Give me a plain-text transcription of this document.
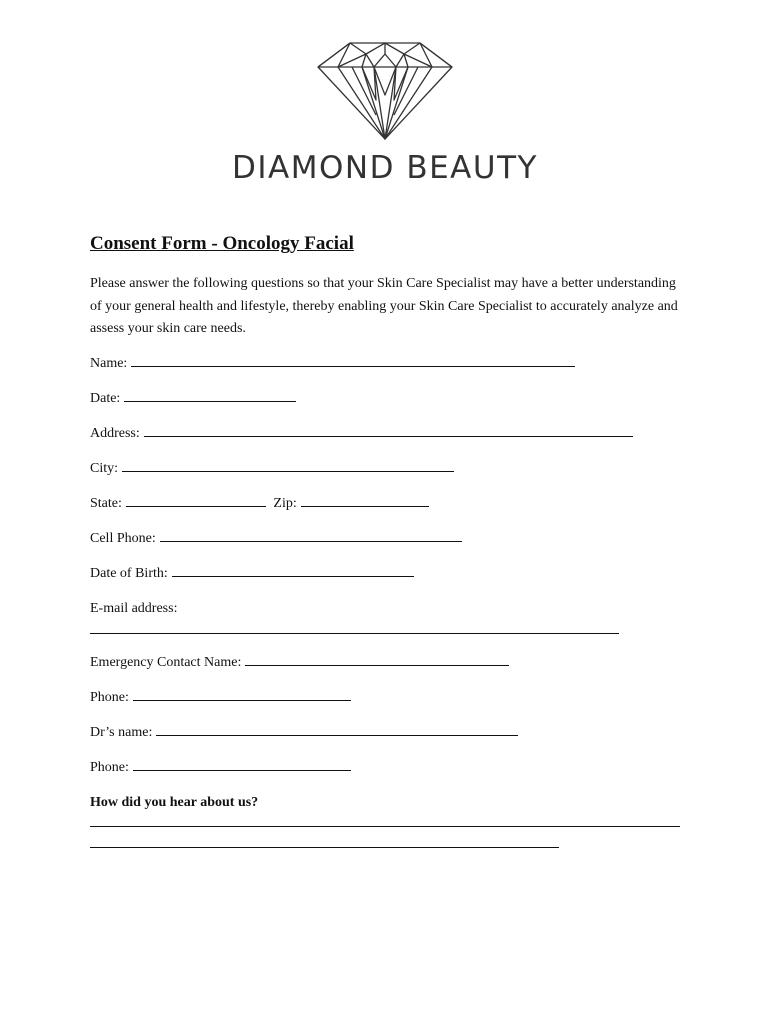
DIAMOND BEAUTY
Consent Form - Oncology Facial

Please answer the following questions so that your Skin Care Specialist may have a better understanding of your general health and lifestyle, thereby enabling your Skin Care Specialist to accurately analyze and assess your skin care needs.

Name:
Date:
Address:
City:
State:	Zip:
Cell Phone:
Date of Birth:
E-mail address:
Emergency Contact Name:
Phone:
Dr’s name:
Phone:
How did you hear about us?
